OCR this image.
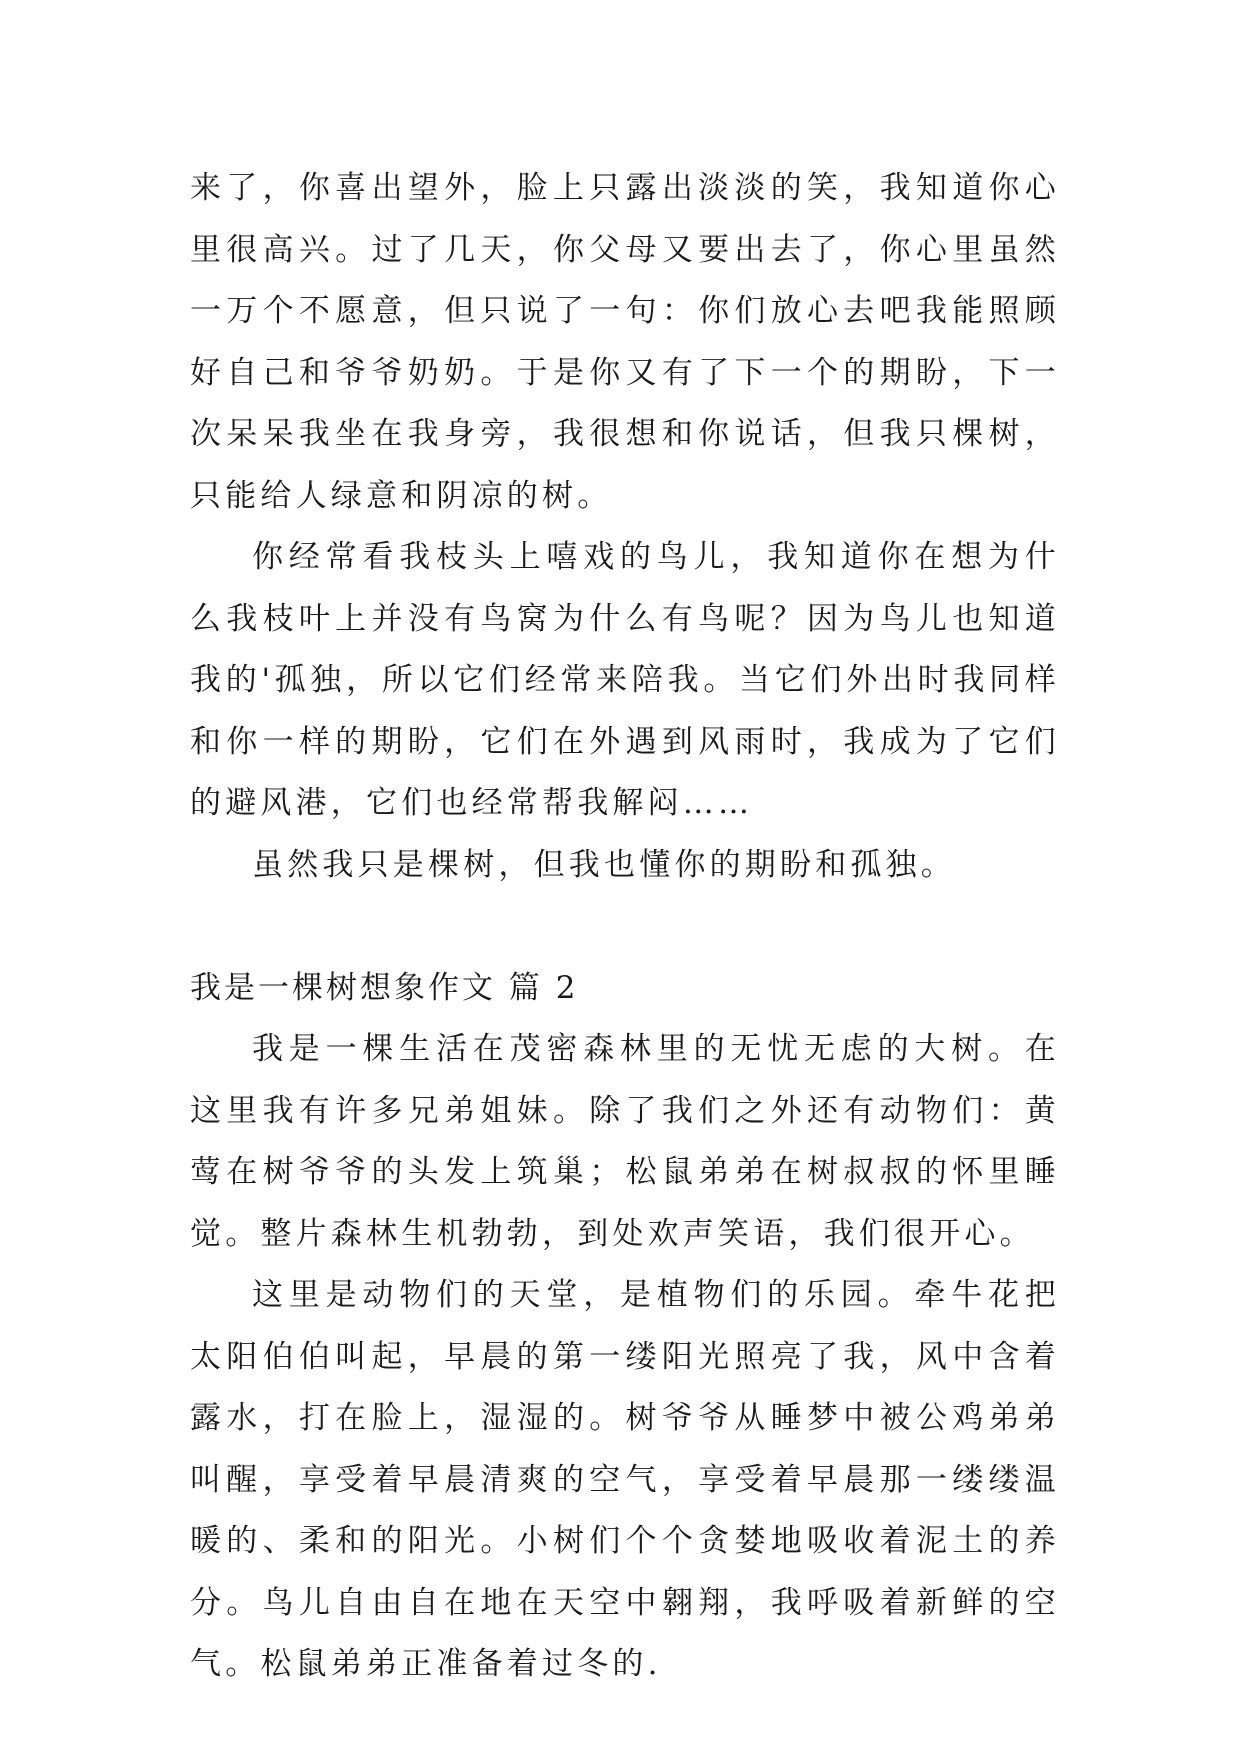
来了，你喜出望外，脸上只露出淡淡的笑，我知道你心里很高兴。过了几天，你父母又要出去了，你心里虽然一万个不愿意，但只说了一句：你们放心去吧我能照顾好自己和爷爷奶奶。于是你又有了下一个的期盼，下一次呆呆我坐在我身旁，我很想和你说话，但我只棵树，只能给人绿意和阴凉的树。

你经常看我枝头上嘻戏的鸟儿，我知道你在想为什么我枝叶上并没有鸟窝为什么有鸟呢？因为鸟儿也知道我的'孤独，所以它们经常来陪我。当它们外出时我同样和你一样的期盼，它们在外遇到风雨时，我成为了它们的避风港，它们也经常帮我解闷……

虽然我只是棵树，但我也懂你的期盼和孤独。

我是一棵树想象作文 篇 2

我是一棵生活在茂密森林里的无忧无虑的大树。在这里我有许多兄弟姐妹。除了我们之外还有动物们：黄莺在树爷爷的头发上筑巢；松鼠弟弟在树叔叔的怀里睡觉。整片森林生机勃勃，到处欢声笑语，我们很开心。

这里是动物们的天堂，是植物们的乐园。牵牛花把太阳伯伯叫起，早晨的第一缕阳光照亮了我，风中含着露水，打在脸上，湿湿的。树爷爷从睡梦中被公鸡弟弟叫醒，享受着早晨清爽的空气，享受着早晨那一缕缕温暖的、柔和的阳光。小树们个个贪婪地吸收着泥土的养分。鸟儿自由自在地在天空中翱翔，我呼吸着新鲜的空气。松鼠弟弟正准备着过冬的.
